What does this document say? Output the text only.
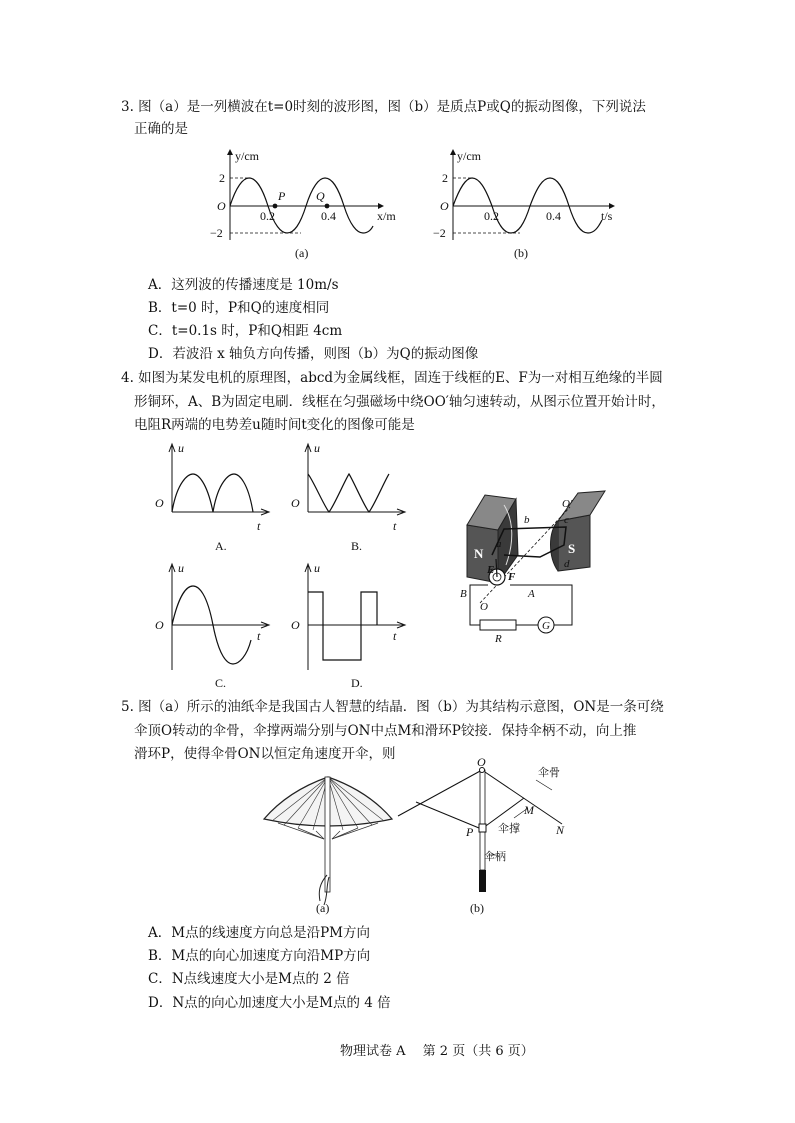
3. 图（a）是一列横波在t=0时刻的波形图，图（b）是质点P或Q的振动图像，下列说法
正确的是
y/cm
2
−2
O
0.2	0.4
P	Q
x/m
(a)
y/cm
2
−2
O
0.2	0.4	t/s
(b)
A．这列波的传播速度是 10m/s
B．t=0 时，P和Q的速度相同
C．t=0.1s 时，P和Q相距 4cm
D．若波沿 x 轴负方向传播，则图（b）为Q的振动图像
4. 如图为某发电机的原理图，abcd为金属线框，固连于线框的E、F为一对相互绝缘的半圆
形铜环，A、B为固定电刷．线框在匀强磁场中绕OO′轴匀速转动，从图示位置开始计时，
电阻R两端的电势差u随时间t变化的图像可能是
u
O
t
A.
u
O
t
B.
u
O
t
C.
u
O
t
D.
N	S
a
b	c
d
O′
E
F
B	A
O
R
G
5. 图（a）所示的油纸伞是我国古人智慧的结晶．图（b）为其结构示意图，ON是一条可绕
伞顶O转动的伞骨，伞撑两端分别与ON中点M和滑环P铰接．保持伞柄不动，向上推
滑环P，使得伞骨ON以恒定角速度开伞，则
(a)
O
M
N
P
伞骨
伞撑
伞柄
(b)
A．M点的线速度方向总是沿PM方向
B．M点的向心加速度方向沿MP方向
C．N点线速度大小是M点的 2 倍
D．N点的向心加速度大小是M点的 4 倍
物理试卷 A　 第 2 页（共 6 页）
